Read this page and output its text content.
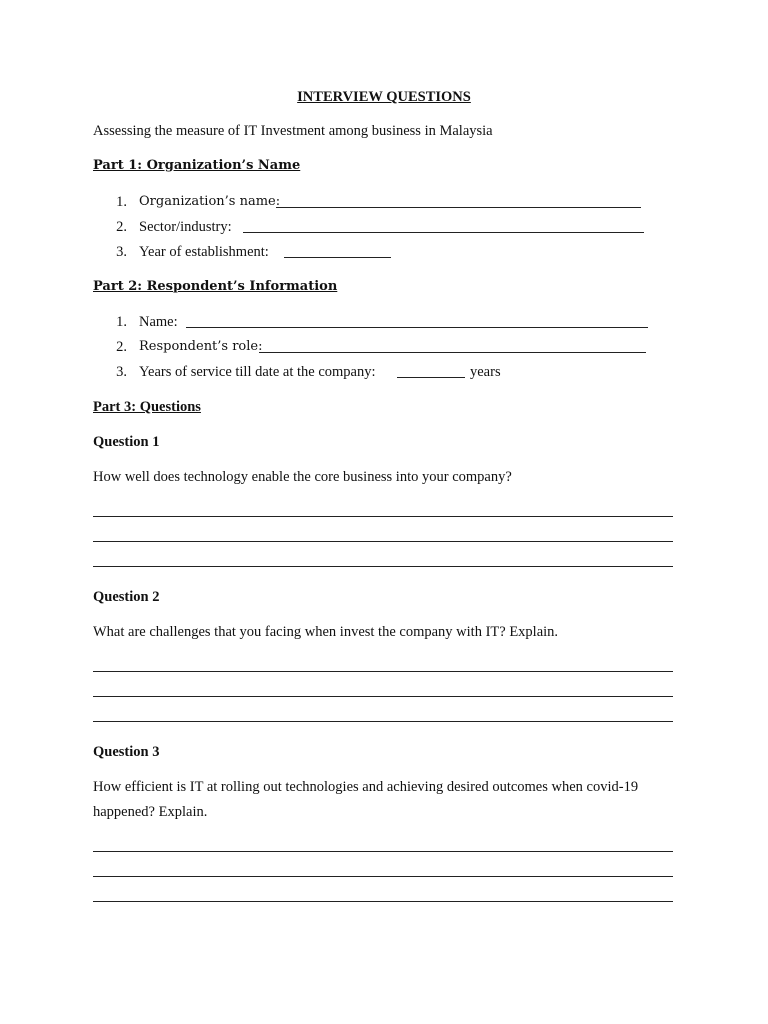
INTERVIEW QUESTIONS
Assessing the measure of IT Investment among business in Malaysia
Part 1: Organization’s Name
1. Organization’s name:
2. Sector/industry:
3. Year of establishment:
Part 2: Respondent’s Information
1. Name:
2. Respondent’s role:
3. Years of service till date at the company:	years
Part 3: Questions
Question 1
How well does technology enable the core business into your company?
Question 2
What are challenges that you facing when invest the company with IT? Explain.
Question 3
How efficient is IT at rolling out technologies and achieving desired outcomes when covid-19
happened? Explain.
